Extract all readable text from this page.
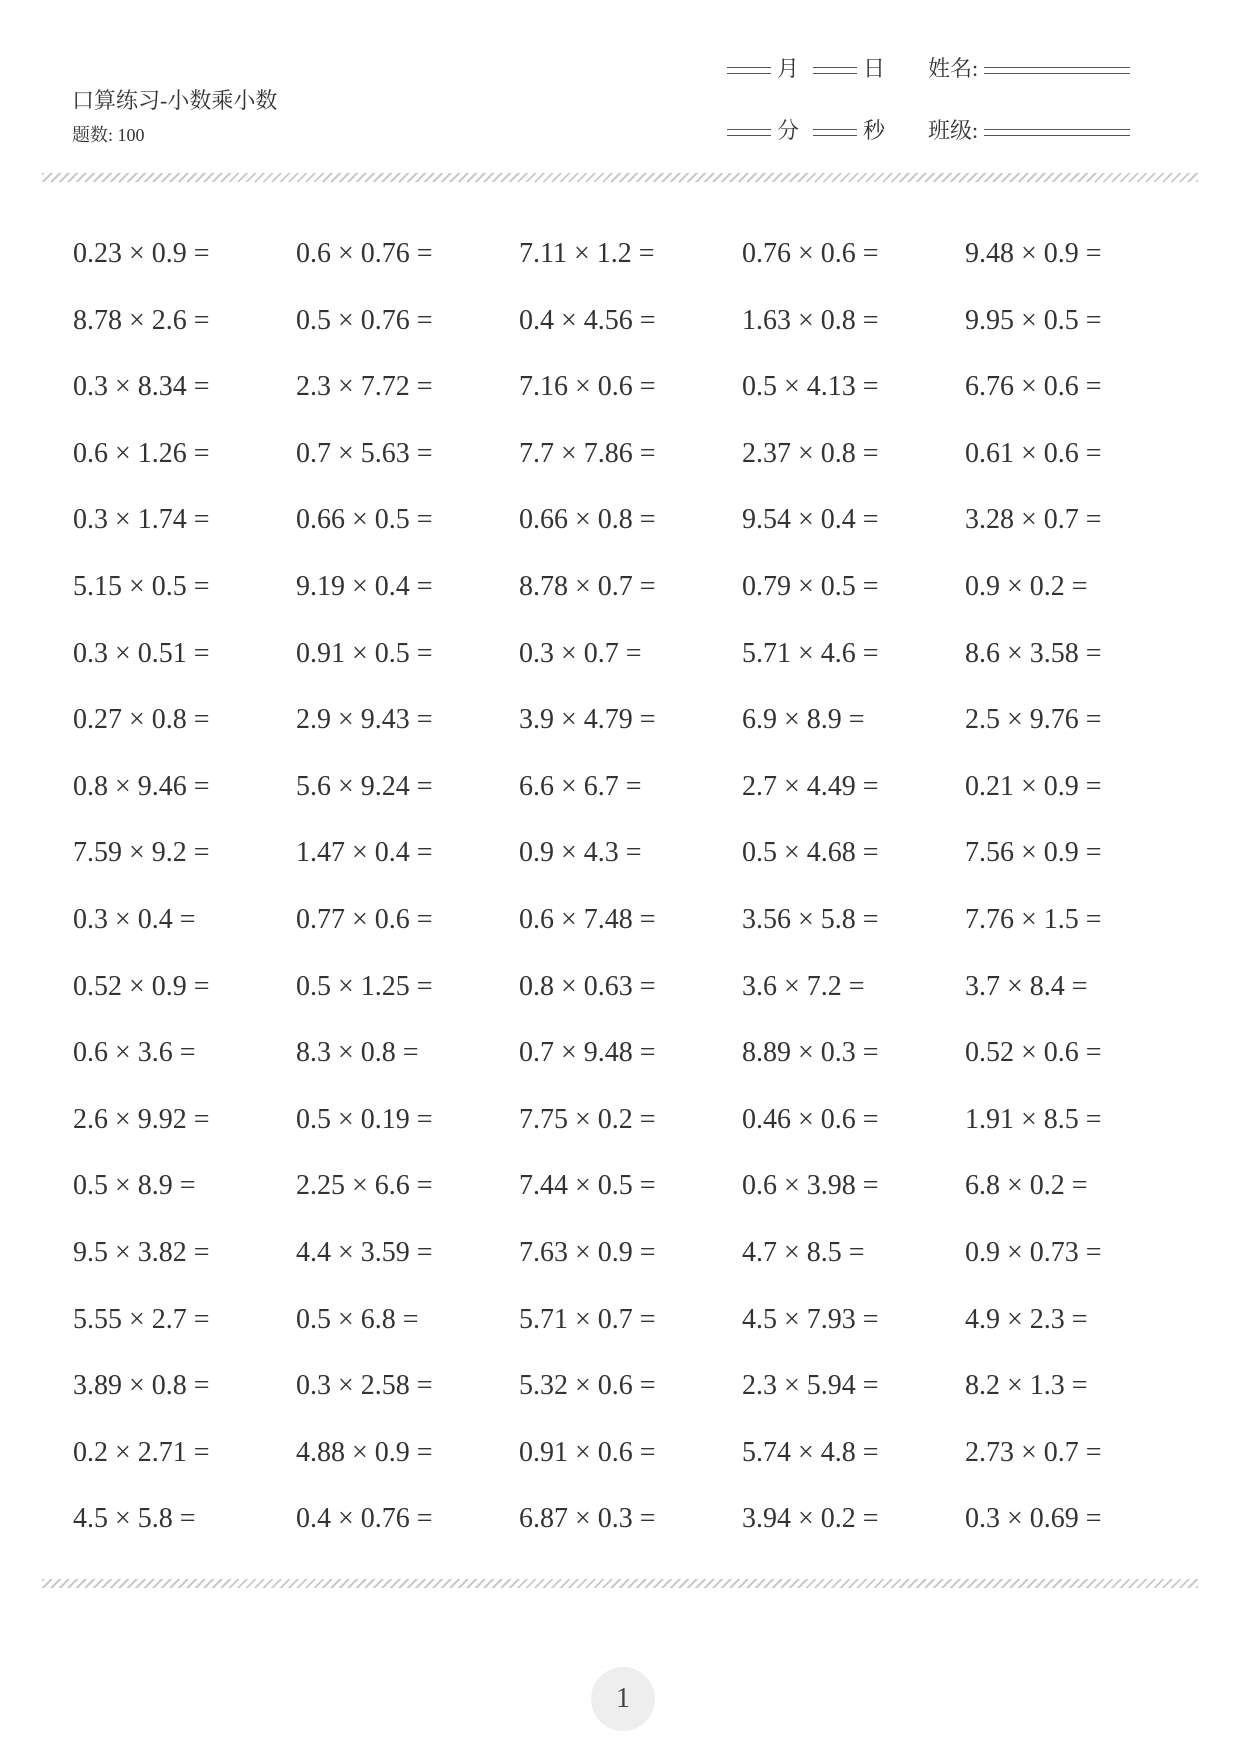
口算练习-小数乘小数
题数: 100
月	日 姓名:
分	秒 班级:
0.23 × 0.9 =	0.6 × 0.76 =	7.11 × 1.2 =	0.76 × 0.6 =	9.48 × 0.9 =
8.78 × 2.6 =	0.5 × 0.76 =	0.4 × 4.56 =	1.63 × 0.8 =	9.95 × 0.5 =
0.3 × 8.34 =	2.3 × 7.72 =	7.16 × 0.6 =	0.5 × 4.13 =	6.76 × 0.6 =
0.6 × 1.26 =	0.7 × 5.63 =	7.7 × 7.86 =	2.37 × 0.8 =	0.61 × 0.6 =
0.3 × 1.74 =	0.66 × 0.5 =	0.66 × 0.8 =	9.54 × 0.4 =	3.28 × 0.7 =
5.15 × 0.5 =	9.19 × 0.4 =	8.78 × 0.7 =	0.79 × 0.5 =	0.9 × 0.2 =
0.3 × 0.51 =	0.91 × 0.5 =	0.3 × 0.7 =	5.71 × 4.6 =	8.6 × 3.58 =
0.27 × 0.8 =	2.9 × 9.43 =	3.9 × 4.79 =	6.9 × 8.9 =	2.5 × 9.76 =
0.8 × 9.46 =	5.6 × 9.24 =	6.6 × 6.7 =	2.7 × 4.49 =	0.21 × 0.9 =
7.59 × 9.2 =	1.47 × 0.4 =	0.9 × 4.3 =	0.5 × 4.68 =	7.56 × 0.9 =
0.3 × 0.4 =	0.77 × 0.6 =	0.6 × 7.48 =	3.56 × 5.8 =	7.76 × 1.5 =
0.52 × 0.9 =	0.5 × 1.25 =	0.8 × 0.63 =	3.6 × 7.2 =	3.7 × 8.4 =
0.6 × 3.6 =	8.3 × 0.8 =	0.7 × 9.48 =	8.89 × 0.3 =	0.52 × 0.6 =
2.6 × 9.92 =	0.5 × 0.19 =	7.75 × 0.2 =	0.46 × 0.6 =	1.91 × 8.5 =
0.5 × 8.9 =	2.25 × 6.6 =	7.44 × 0.5 =	0.6 × 3.98 =	6.8 × 0.2 =
9.5 × 3.82 =	4.4 × 3.59 =	7.63 × 0.9 =	4.7 × 8.5 =	0.9 × 0.73 =
5.55 × 2.7 =	0.5 × 6.8 =	5.71 × 0.7 =	4.5 × 7.93 =	4.9 × 2.3 =
3.89 × 0.8 =	0.3 × 2.58 =	5.32 × 0.6 =	2.3 × 5.94 =	8.2 × 1.3 =
0.2 × 2.71 =	4.88 × 0.9 =	0.91 × 0.6 =	5.74 × 4.8 =	2.73 × 0.7 =
4.5 × 5.8 =	0.4 × 0.76 =	6.87 × 0.3 =	3.94 × 0.2 =	0.3 × 0.69 =
1
